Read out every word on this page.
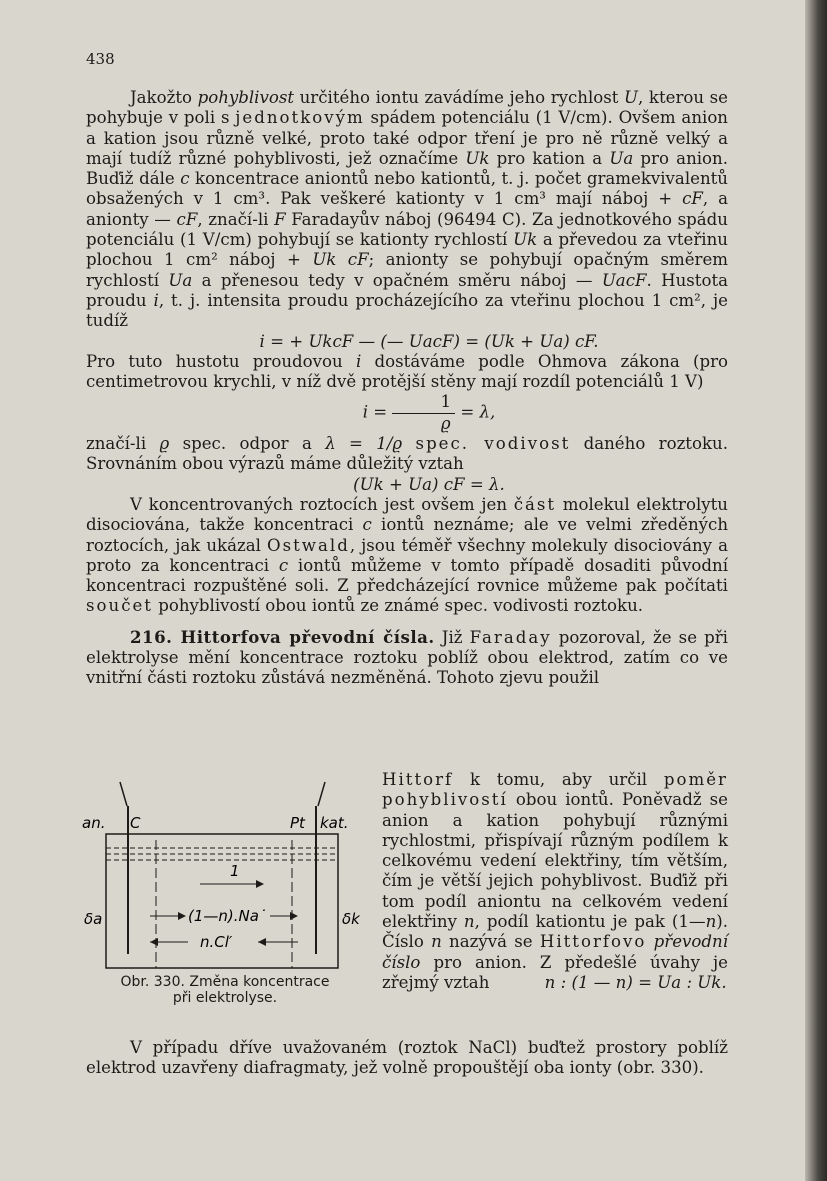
438

Jakožto pohyblivost určitého iontu zavádíme jeho rychlost U, kterou se pohybuje v poli s jednotkovým spádem potenciálu (1 V/cm). Ovšem anion a kation jsou různě velké, proto také odpor tření je pro ně různě velký a mají tudíž různé pohyblivosti, jež označíme Uk pro kation a Ua pro anion. Buďiž dále c koncentrace aniontů nebo kationtů, t. j. počet gramekvivalentů obsažených v 1 cm³. Pak veškeré kationty v 1 cm³ mají náboj + cF, a anionty — cF, značí-li F Faradayův náboj (96494 C). Za jednotkového spádu potenciálu (1 V/cm) pohybují se kationty rychlostí Uk a převedou za vteřinu plochou 1 cm² náboj + Uk cF; anionty se pohybují opačným směrem rychlostí Ua a přenesou tedy v opačném směru náboj — UacF. Hustota proudu i, t. j. intensita proudu procházejícího za vteřinu plochou 1 cm², je tudíž

i = + UkcF — (— UacF) = (Uk + Ua) cF.

Pro tuto hustotu proudovou i dostáváme podle Ohmova zákona (pro centimetrovou krychli, v níž dvě protější stěny mají rozdíl potenciálů 1 V)

$i = \frac{1}{ϱ} = \lambda$,

značí-li ϱ spec. odpor a λ = 1/ϱ spec. vodivost daného roztoku. Srovnáním obou výrazů máme důležitý vztah

(Uk + Ua) cF = λ.

V koncentrovaných roztocích jest ovšem jen část molekul elektrolytu disociována, takže koncentraci c iontů neznáme; ale ve velmi zředěných roztocích, jak ukázal Ostwald, jsou téměř všechny molekuly disociovány a proto za koncentraci c iontů můžeme v tomto případě dosaditi původní koncentraci rozpuštěné soli. Z předcházející rovnice můžeme pak počítati součet pohyblivostí obou iontů ze známé spec. vodivosti roztoku.

216. Hittorfova převodní čísla. Již Faraday pozoroval, že se při elektrolyse mění koncentrace roztoku poblíž obou elektrod, zatím co ve vnitřní části roztoku zůstává nezměněná. Tohoto zjevu použil

an. C	Pt kat.
1
(1—n).Na˙
n.Cl′
δa	δk
Obr. 330. Změna koncentrace
při elektrolyse.

Hittorf k tomu, aby určil poměr pohyblivostí obou iontů. Poněvadž se anion a kation pohybují různými rychlostmi, přispívají různým podílem k celkovému vedení elektřiny, tím větším, čím je větší jejich pohyblivost. Buďiž při tom podíl aniontu na celkovém vedení elektřiny n, podíl kationtu je pak (1—n). Číslo n nazývá se Hittorfovo převodní číslo pro anion. Z předešlé úvahy je zřejmý vztah	n : (1 — n) = Ua : Uk.

V případu dříve uvažovaném (roztok NaCl) buďtež prostory poblíž elektrod uzavřeny diafragmaty, jež volně propouštějí oba ionty (obr. 330).
